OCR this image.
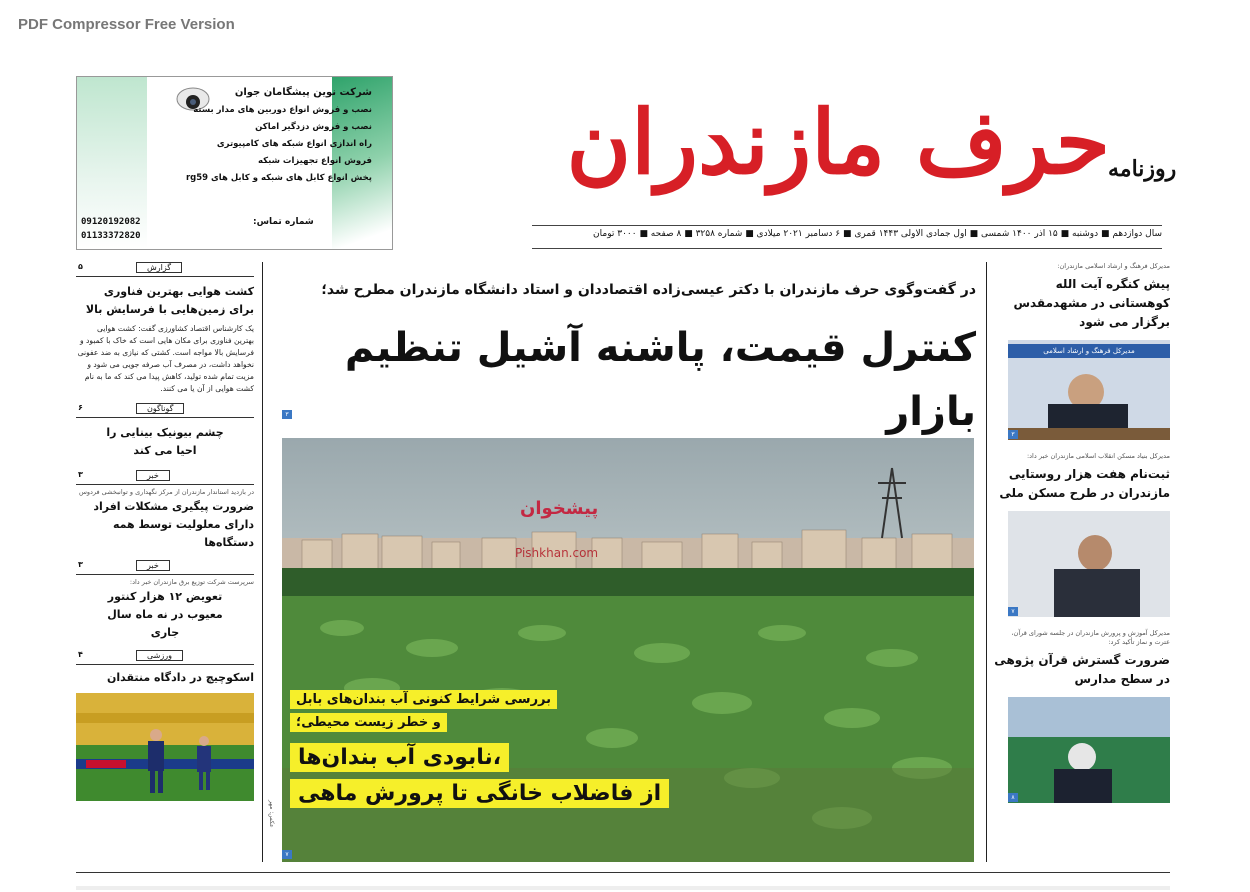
PDF Compressor Free Version
شرکت نوین پیشگامان جوان
نصب و فروش انواع دوربین های مدار بسته
نصب و فروش دزدگیر اماکن
راه اندازی انواع شبکه های کامپیوتری
فروش انواع تجهیزات شبکه
پخش انواع کابل های شبکه و کابل های rg59
شماره تماس:
09120192082
01133372820
حرف مازندران
روزنامه
سال دوازدهم ■ دوشنبه ■ ۱۵ آذر ۱۴۰۰ شمسی ■ اول جمادی الاولی ۱۴۴۳ قمری ■ ۶ دسامبر ۲۰۲۱ میلادی ■ شماره ۳۲۵۸ ■ ۸ صفحه ■ ۳۰۰۰ تومان
۵	گزارش
کشت هوایی بهترین فناوری برای زمین‌هایی با فرسایش بالا
یک کارشناس اقتصاد کشاورزی گفت: کشت هوایی بهترین فناوری برای مکان هایی است که خاک با کمبود و فرسایش بالا مواجه است. کشتی که نیازی به ضد عفونی نخواهد داشت، در مصرف آب صرفه جویی می شود و مزیت تمام شده تولید، کاهش پیدا می کند که ما به نام کشت هوایی از آن یا می کنند.
۶	گوناگون
چشم بیونیک بینایی را احیا می کند
۳	خبر
در بازدید استاندار مازندران از مرکز نگهداری و توانبخشی فردوس
ضرورت پیگیری مشکلات افراد دارای معلولیت توسط همه دستگاه‌ها
۳	خبر
سرپرست شرکت توزیع برق مازندران خبر داد:
تعویض ۱۲ هزار کنتور معیوب در نه ماه سال جاری
۴	ورزشی
اسکوچیچ در دادگاه منتقدان
در گفت‌وگوی حرف مازندران با دکتر عیسی‌زاده اقتصاددان و استاد دانشگاه مازندران مطرح شد؛
کنترل قیمت، پاشنه آشیل تنظیم بازار
۳
بررسی شرایط کنونی آب بندان‌های بابل
و خطر زیست محیطی؛
نابودی آب بندان‌ها،
از فاضلاب خانگی تا پرورش ماهی
۷
عکس: مهر
پیشخوان
Pishkhan.com
مدیرکل فرهنگ و ارشاد اسلامی مازندران:
پیش کنگره آیت الله کوهستانی در مشهدمقدس برگزار می شود
مدیرکل فرهنگ و ارشاد اسلامی
۳
مدیرکل بنیاد مسکن انقلاب اسلامی مازندران خبر داد:
ثبت‌نام هفت هزار روستایی مازندران در طرح مسکن ملی
۷
مدیرکل آموزش و پرورش مازندران در جلسه شورای قرآن، عترت و نماز تأکید کرد:
ضرورت گسترش قرآن پژوهی در سطح مدارس
۸
